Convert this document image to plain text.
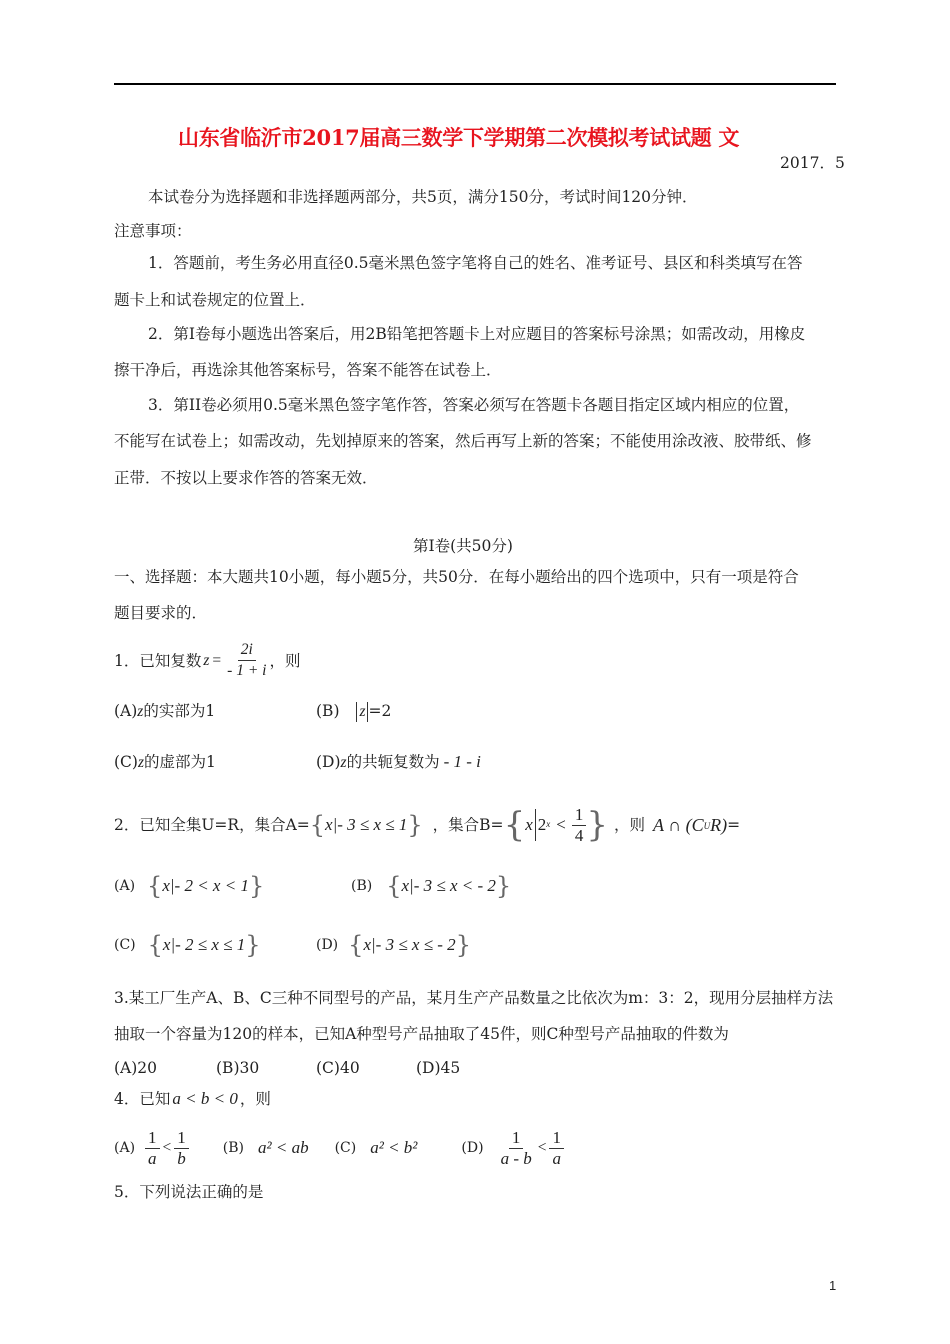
山东省临沂市2017届高三数学下学期第二次模拟考试试题 文
2017．5
本试卷分为选择题和非选择题两部分，共5页，满分150分，考试时间120分钟．
注意事项：
1．答题前，考生务必用直径0.5毫米黑色签字笔将自己的姓名、准考证号、县区和科类填写在答
题卡上和试卷规定的位置上．
2．第Ⅰ卷每小题选出答案后，用2B铅笔把答题卡上对应题目的答案标号涂黑；如需改动，用橡皮
擦干净后，再选涂其他答案标号，答案不能答在试卷上．
3．第II卷必须用0.5毫米黑色签字笔作答，答案必须写在答题卡各题目指定区域内相应的位置，
不能写在试卷上；如需改动，先划掉原来的答案，然后再写上新的答案；不能使用涂改液、胶带纸、修
正带．不按以上要求作答的答案无效．
第Ⅰ卷(共50分)
一、选择题：本大题共10小题，每小题5分，共50分．在每小题给出的四个选项中，只有一项是符合
题目要求的．
1．已知复数 $z = \frac{2i}{- 1 + i}$ ，则
(A)z的实部为1	(B) z =2
(C)z的虚部为1	(D)z的共轭复数为 - 1 - i
2．已知全集U=R，集合A= { x|- 3 ≤ x ≤ 1 } ，集合B= { x 2 $x < \frac{1}{4}$ } ，则 A ∩ (C U R) =
(A) { x|- 2 < x < 1 }	(B) { x|- 3 ≤ x < - 2 }
(C) { x|- 2 ≤ x ≤ 1 }	(D) { x|- 3 ≤ x ≤ - 2 }
3.某工厂生产A、B、C三种不同型号的产品，某月生产产品数量之比依次为m：3：2，现用分层抽样方法
抽取一个容量为120的样本，已知A种型号产品抽取了45件，则C种型号产品抽取的件数为
(A)20	(B)30	(C)40	(D)45
4．已知 a < b < 0 ，则
$(A) \frac{1}{a} < \frac{1}{b} (B) a^2$ < ab (C) a² < b²	$(D) \frac{1}{a - b} < \frac{1}{a}$
5．下列说法正确的是
1
